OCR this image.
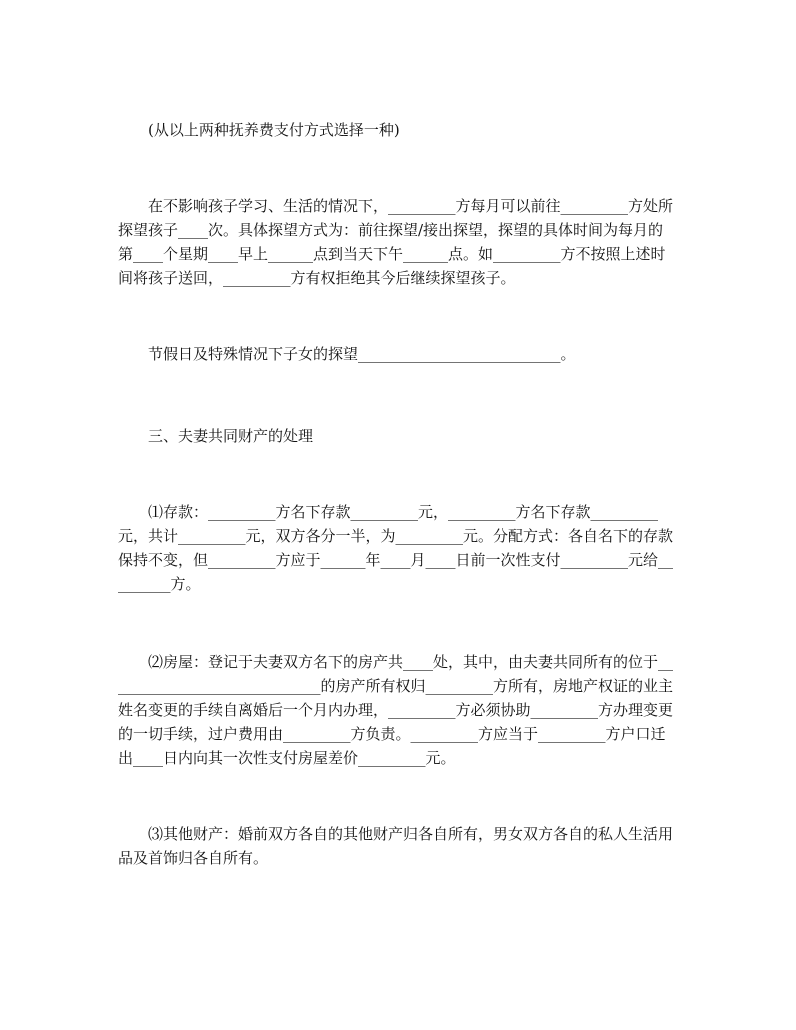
(从以上两种抚养费支付方式选择一种)

在不影响孩子学习、生活的情况下，_________方每月可以前往_________方处所探望孩子____次。具体探望方式为：前往探望/接出探望，探望的具体时间为每月的第____个星期____早上______点到当天下午______点。如_________方不按照上述时间将孩子送回，_________方有权拒绝其今后继续探望孩子。

节假日及特殊情况下子女的探望___________________________。

三、夫妻共同财产的处理

⑴存款：_________方名下存款_________元，_________方名下存款_________元，共计_________元，双方各分一半，为_________元。分配方式：各自名下的存款保持不变，但_________方应于______年____月____日前一次性支付_________元给_________方。

⑵房屋：登记于夫妻双方名下的房产共____处，其中，由夫妻共同所有的位于_____________________________的房产所有权归_________方所有，房地产权证的业主姓名变更的手续自离婚后一个月内办理，_________方必须协助_________方办理变更的一切手续，过户费用由_________方负责。_________方应当于_________方户口迁出____日内向其一次性支付房屋差价_________元。

⑶其他财产：婚前双方各自的其他财产归各自所有，男女双方各自的私人生活用品及首饰归各自所有。
